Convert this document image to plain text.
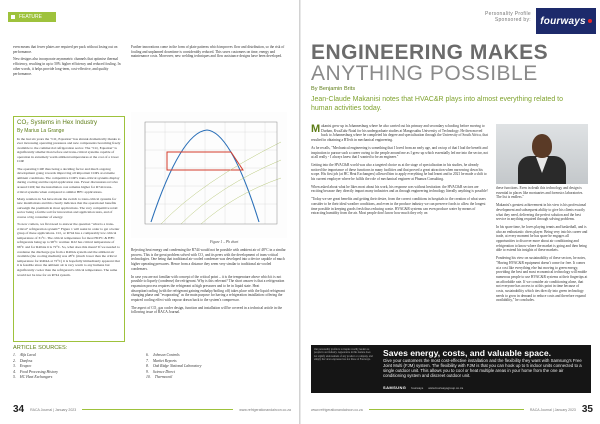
FEATURE

even means that fewer plates are required per pack without losing out on performance.

New designs also incorporate asymmetric channels that optimise thermal efficiency, resulting in up to 50% higher efficiency and reduced fouling. In other words, it helps provide long-term, cost-effective, and quality performance.

Further innovations come in the form of plate patterns which improves flow and distribution, so the risk of fouling and unplanned downtime is considerably reduced. This saves customers on time, energy and maintenance costs. Moreover, new welding techniques and flow assistance designs have been developed.

CO₂ Systems in Hex Industry
By Marius La Grange

In the last six years the "CO₂ Equation" has shrunk dramatically thanks to ever increasing operating pressures and new components becoming freely available to the commercial refrigeration sector. The "CO₂ Equation" is significantly smaller than before and trans-critical systems capable of operation in extremely warm ambient temperatures at the cost of a lower COP.

The operating COP thus being a deciding factor and much ongoing development going towards improving all important COPs at extreme ambient conditions. The competitive COP's trans-critical systems display during cooling and the rapid application rate. Fewer discussions revolve around COP, but the installation cost remains higher for R744 trans-critical systems when compared to similar HFC applications.

Many retailers in SA have made the switch to trans-critical systems for new installations and this clearly indicates that the operational benefits outweigh the premium in most applications. The very competitive retail sector being a fertile soil for innovation and application tests, and of course a big consumer of energy.

To new comers, we first need to answer the question "what is a trans-critical" refrigeration system?" Figure 1 will assist in order to get a better grasp of these applications. CO₂ or R744 has a comparably low critical temperature of 31°C. The critical temperature for most HCFC & HFC refrigerants being up to 90°C warmer. R22 has critical temperature of 96°C and for R404A it is 72°C. So, what does this mean? If we needed to condense the discharge gas from a R404A system and the ambient air available (the cooling medium) was 48°C (much lower than the critical temperature for R404A at 72°C) it is hopefully immediately apparent that it is feasible since the ambient air is very warm to any humans but significantly cooler than the refrigerant's critical temperature. The same would not be true for an R744 system.

Figure 1 – Ph chart

Rejecting heat energy and condensing the R744 would not be possible with ambient air of 48°C in a similar process. This is the great problem solved with CO₂ and its peers with the development of trans-critical technologies. One being that traditional air-cooled condenser was developed into a device capable of much higher operating pressures. Hence from a distance they seem very similar to traditional air-cooled condensers.

In case you are not familiar with concept of the critical point – it is the temperature above which it is not possible to liquefy (condense) the refrigerant. Why is this relevant? The short answer is that a refrigeration expansion process requires the refrigerant at high pressures and to be in liquid state. Heat absorption/cooling (with the refrigerant gaining enthalpy/boiling off) takes place with the liquid refrigerant changing phase and "evaporating" as the main purpose for having a refrigeration installation: offering the required cooling effect with vapour drawn back to the system's compressor.

The aspect of CO₂ gas cooler design, function and installation will be covered in a technical article in the following issue of RACA Journal.

ARTICLE SOURCES:
1. Alfa Laval
2. Danfoss
3. Evapco
4. Food Processing History
5. HC Heat Exchangers
6. Johnson Controls
7. Market Reports
8. Oak Ridge National Laboratory
9. Science Direct
10. Thermocoil
34 RACA Journal | January 2023	www.refrigerationandaircon.co.za
Personality Profile
Sponsored by: fourways
ENGINEERING MAKES
ANYTHING POSSIBLE
By Benjamin Brits
Jean-Claude Makanisi notes that HVAC&R plays into almost everything related to human activities today.

Makanisi grew up in Johannesburg where he also carried out his primary and secondary schooling before moving to Durban, KwaZulu-Natal for his undergraduate studies at Mangosuthu University of Technology. He then moved back to Johannesburg where he completed his degree and specialisation through the University of South Africa, that resulted in obtaining a BTech in mechanical engineering.

As he recalls, "Mechanical engineering is something that I loved from an early age, and on top of that I had the benefit and inspiration to pursue such a career owing to the people around me as I grew up which essentially led me into the sector, not at all really - I always knew that I wanted to be an engineer."

Getting into the HVAC&R world was also a targeted choice as at the stage of specialisation in his studies, he already noticed the importance of these functions in many facilities and that proved a great attraction when narrowing down his scope. His first job (at HC Heat Exchangers) allowed him to apply everything he had learnt and in 2021 he made a shift to his current employer where he fulfils the role of mechanical engineer at Phumza Consulting.

When asked about what he likes most about his work, his response was without hesitation: the HVAC&R sectors are exciting because they directly impact many industries and as through engineering technology literally anything is possible!

"Today we see great benefits and getting their desire, from the correct conditions in hospitals to the creation of what users consider to be their ideal weather conditions, and even in the produce industry we can preserve foods to allow the longest time possible in keeping goods fresh thus reducing waste. HVAC&R systems can even produce water by means of extracting humidity from the air. Most people don't know how much they rely on

these functions. Even in death this technology and design is essential in places like mortuaries and forensics laboratories. The list is endless."

Makanisi's greatest achievement in his view is his professional development and subsequent ability to give his clients exactly what they need, delivering the perfect solution and the best service in anything required through solving problems.

In his spare time, he loves playing tennis and basketball, and is also an enthusiastic chess player. Being very into his career and trade, at every moment he has spare he engages all opportunities to discover more about air conditioning and refrigeration to know where the market is going and then being able to extend his insights of these markets.

Pondering his view on sustainability of these sectors, he notes, "Having HVAC&R equipment doesn't come for free. It comes at a cost like everything else but moving to green energy, providing the best and most economical technology will enable numerous people to use HVAC&R systems at their fingertips at an affordable rate. If we consider air conditioning alone, that not everyone has access to at this point in time because of costs, sustainability which ties directly into green technology needs to grow in demand to reduce costs and therefore expand availability," he concludes.

Our personality profile is to inspire worthy leaders as people in our industry. Appearance in this feature does not signify endorsement of any product or company, and simply the views expressed are not those of Fourways.
Saves energy, costs, and valuable space.
Give your customers the most cost-effective installation and the flexibility they want with Samsung's Free Joint Multi (FJM) system. The flexibility with FJM is that you can hook up to 5 indoor units connected to a single outdoor unit. This allows you to cool or heat multiple areas in your home from the one air conditioning system and discreet outdoor unit.
SAMSUNG fourways www.fourwaysgroup.co.za
www.refrigerationandaircon.co.za	RACA Journal | January 2023 35
